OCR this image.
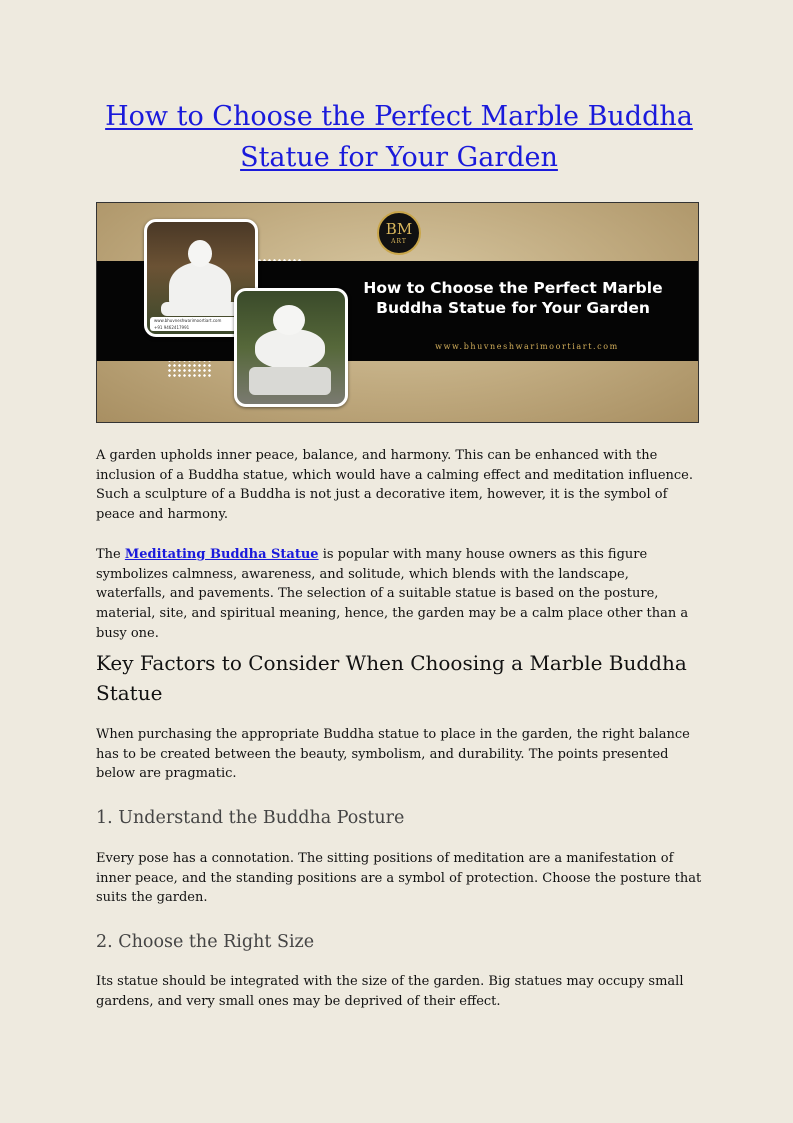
How to Choose the Perfect Marble Buddha Statue for Your Garden
BM
ART
www.bhuvneshwarimoortiart.com
+91 9462417991
How to Choose the Perfect Marble Buddha Statue for Your Garden
www.bhuvneshwarimoortiart.com

A garden upholds inner peace, balance, and harmony. This can be enhanced with the inclusion of a Buddha statue, which would have a calming effect and meditation influence. Such a sculpture of a Buddha is not just a decorative item, however, it is the symbol of peace and harmony.

The Meditating Buddha Statue is popular with many house owners as this figure symbolizes calmness, awareness, and solitude, which blends with the landscape, waterfalls, and pavements. The selection of a suitable statue is based on the posture, material, site, and spiritual meaning, hence, the garden may be a calm place other than a busy one.

Key Factors to Consider When Choosing a Marble Buddha Statue

When purchasing the appropriate Buddha statue to place in the garden, the right balance has to be created between the beauty, symbolism, and durability. The points presented below are pragmatic.

1. Understand the Buddha Posture

Every pose has a connotation. The sitting positions of meditation are a manifestation of inner peace, and the standing positions are a symbol of protection. Choose the posture that suits the garden.

2. Choose the Right Size

Its statue should be integrated with the size of the garden. Big statues may occupy small gardens, and very small ones may be deprived of their effect.
